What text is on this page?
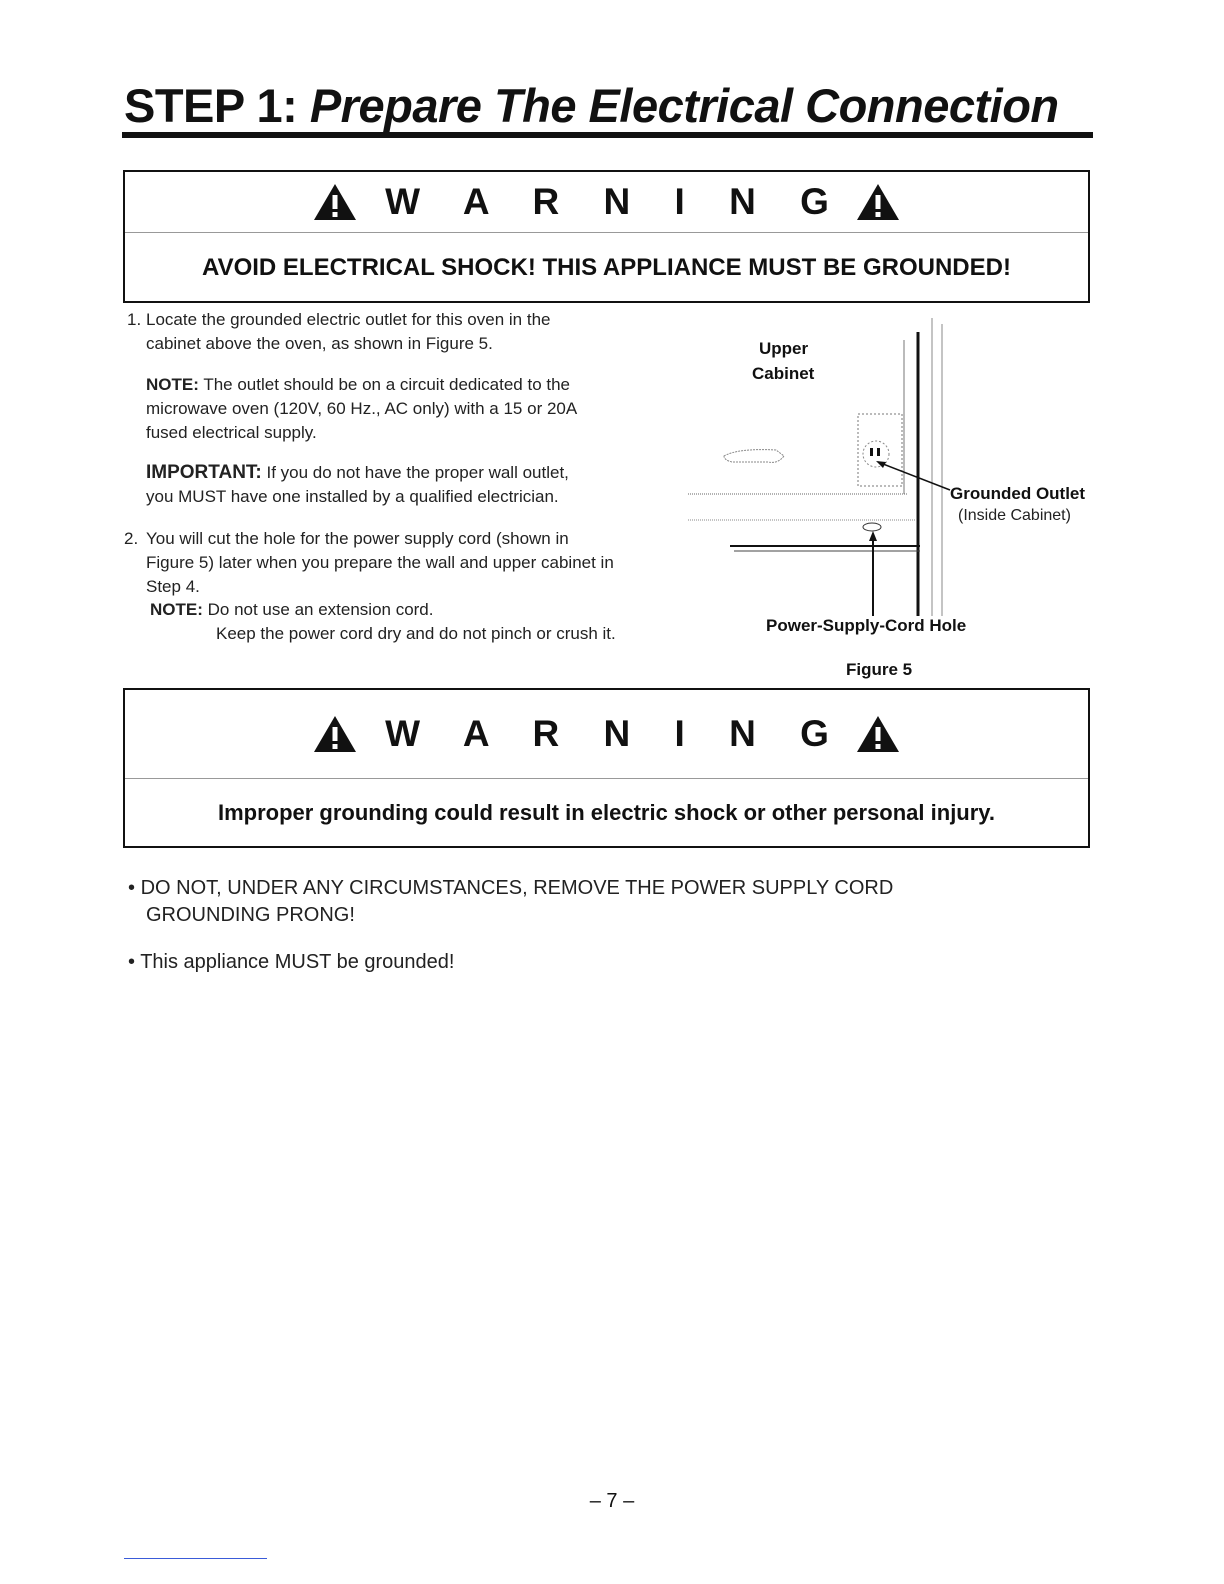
STEP 1: Prepare The Electrical Connection
W A R N I N G
AVOID ELECTRICAL SHOCK! THIS APPLIANCE MUST BE GROUNDED!
1. Locate the grounded electric outlet for this oven in the
cabinet above the oven, as shown in Figure 5.
NOTE: The outlet should be on a circuit dedicated to the
microwave oven (120V, 60 Hz., AC only) with a 15 or 20A
fused electrical supply.
IMPORTANT: If you do not have the proper wall outlet,
you MUST have one installed by a qualified electrician.
2. You will cut the hole for the power supply cord (shown in
Figure 5) later when you prepare the wall and upper cabinet in
Step 4.
NOTE: Do not use an extension cord.
Keep the power cord dry and do not pinch or crush it.
Upper
Cabinet
Grounded Outlet
(Inside Cabinet)
Power-Supply-Cord Hole
Figure 5
W A R N I N G
Improper grounding could result in electric shock or other personal injury.
• DO NOT, UNDER ANY CIRCUMSTANCES, REMOVE THE POWER SUPPLY CORD
GROUNDING PRONG!
• This appliance MUST be grounded!
– 7 –
